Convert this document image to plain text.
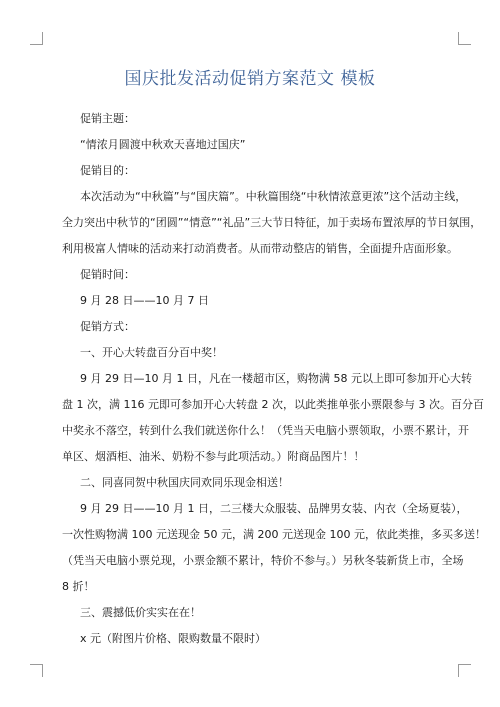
国庆批发活动促销方案范文 模板

促销主题：

“情浓月圆渡中秋欢天喜地过国庆”

促销目的：

本次活动为“中秋篇”与“国庆篇”。中秋篇围绕“中秋情浓意更浓”这个活动主线，

全力突出中秋节的“团圆”“情意”“礼品”三大节日特征，加于卖场布置浓厚的节日氛围，

利用极富人情味的活动来打动消费者。从而带动整店的销售，全面提升店面形象。

促销时间：

9 月 28 日——10 月 7 日

促销方式：

一、开心大转盘百分百中奖！

9 月 29 日—10 月 1 日，凡在一楼超市区，购物满 58 元以上即可参加开心大转

盘 1 次，满 116 元即可参加开心大转盘 2 次，以此类推单张小票限参与 3 次。百分百

中奖永不落空，转到什么我们就送你什么！（凭当天电脑小票领取，小票不累计，开

单区、烟酒柜、油米、奶粉不参与此项活动。）附商品图片！！

二、同喜同贺中秋国庆同欢同乐现金相送！

9 月 29 日——10 月 1 日，二三楼大众服装、品牌男女装、内衣（全场夏装），

一次性购物满 100 元送现金 50 元，满 200 元送现金 100 元，依此类推，多买多送！

（凭当天电脑小票兑现，小票金额不累计，特价不参与。）另秋冬装新货上市，全场

8 折！

三、震撼低价实实在在！

x 元（附图片价格、限购数量不限时）
